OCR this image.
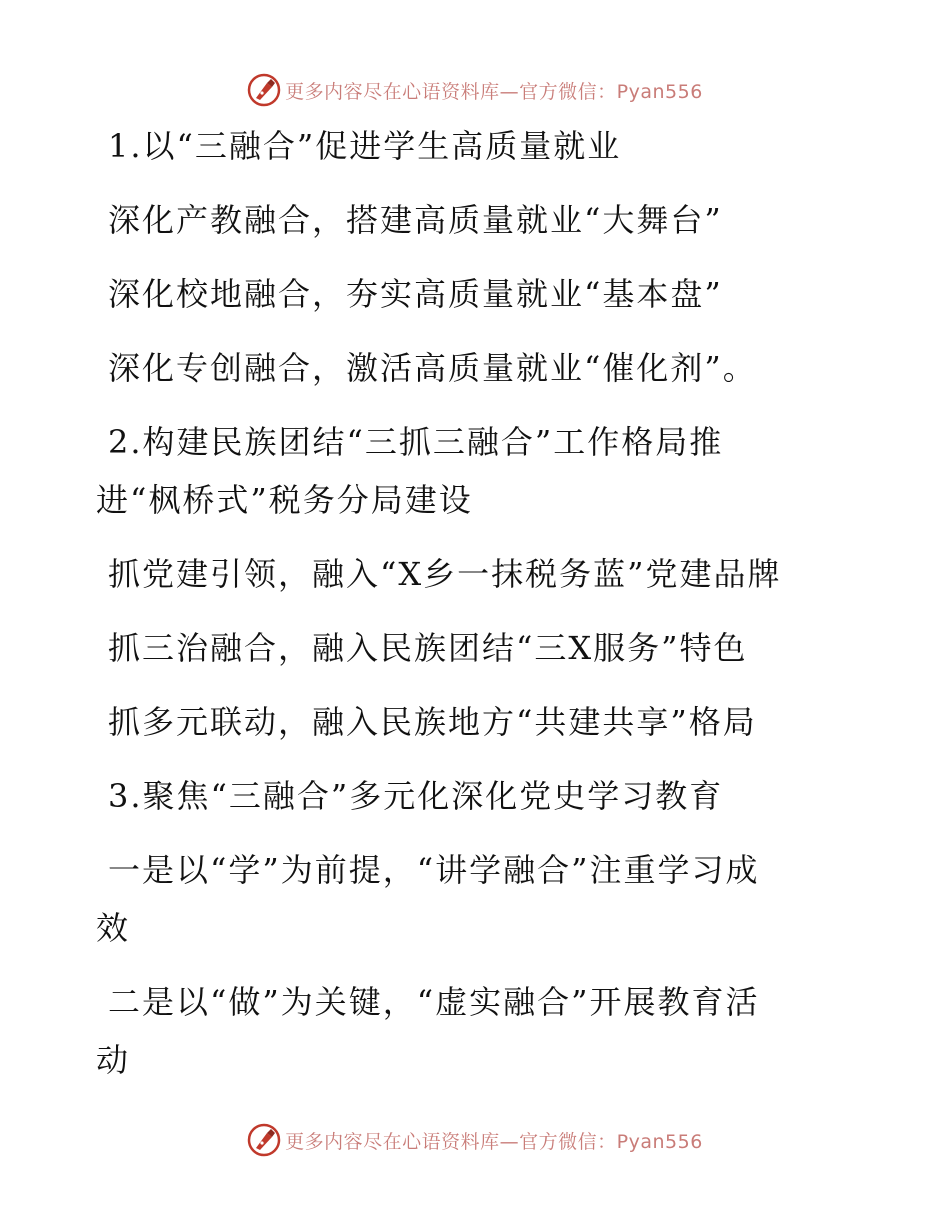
更多内容尽在心语资料库—官方微信：Pyan556
1.以“三融合”促进学生高质量就业
深化产教融合，搭建高质量就业“大舞台”
深化校地融合，夯实高质量就业“基本盘”
深化专创融合，激活高质量就业“催化剂”。
2.构建民族团结“三抓三融合”工作格局推
进“枫桥式”税务分局建设
抓党建引领，融入“X乡一抹税务蓝”党建品牌
抓三治融合，融入民族团结“三X服务”特色
抓多元联动，融入民族地方“共建共享”格局
3.聚焦“三融合”多元化深化党史学习教育
一是以“学”为前提，“讲学融合”注重学习成
效
二是以“做”为关键，“虚实融合”开展教育活
动
更多内容尽在心语资料库—官方微信：Pyan556
